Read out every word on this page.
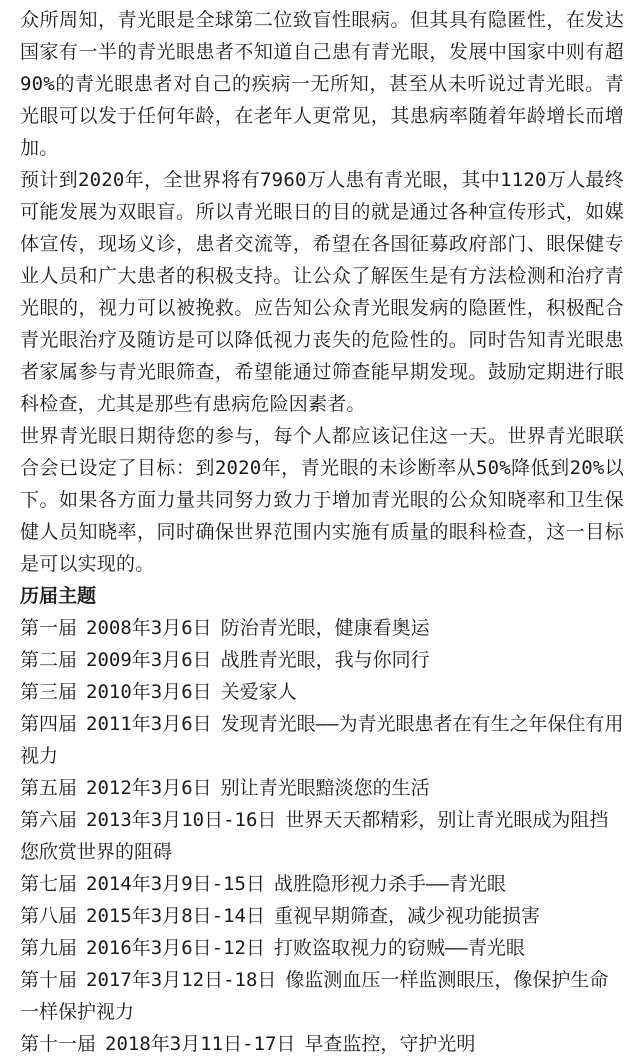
众所周知，青光眼是全球第二位致盲性眼病。但其具有隐匿性，在发达国家有一半的青光眼患者不知道自己患有青光眼，发展中国家中则有超90%的青光眼患者对自己的疾病一无所知，甚至从未听说过青光眼。青光眼可以发于任何年龄，在老年人更常见，其患病率随着年龄增长而增加。

预计到2020年，全世界将有7960万人患有青光眼，其中1120万人最终可能发展为双眼盲。所以青光眼日的目的就是通过各种宣传形式，如媒体宣传，现场义诊，患者交流等，希望在各国征募政府部门、眼保健专业人员和广大患者的积极支持。让公众了解医生是有方法检测和治疗青光眼的，视力可以被挽救。应告知公众青光眼发病的隐匿性，积极配合青光眼治疗及随访是可以降低视力丧失的危险性的。同时告知青光眼患者家属参与青光眼筛查，希望能通过筛查能早期发现。鼓励定期进行眼科检查，尤其是那些有患病危险因素者。

世界青光眼日期待您的参与，每个人都应该记住这一天。世界青光眼联合会已设定了目标：到2020年，青光眼的未诊断率从50%降低到20%以下。如果各方面力量共同努力致力于增加青光眼的公众知晓率和卫生保健人员知晓率，同时确保世界范围内实施有质量的眼科检查，这一目标是可以实现的。

历届主题

第一届 2008年3月6日 防治青光眼，健康看奥运

第二届 2009年3月6日 战胜青光眼，我与你同行

第三届 2010年3月6日 关爱家人

第四届 2011年3月6日 发现青光眼——为青光眼患者在有生之年保住有用视力

第五届 2012年3月6日 别让青光眼黯淡您的生活

第六届 2013年3月10日-16日 世界天天都精彩，别让青光眼成为阻挡您欣赏世界的阻碍

第七届 2014年3月9日-15日 战胜隐形视力杀手——青光眼

第八届 2015年3月8日-14日 重视早期筛查，减少视功能损害

第九届 2016年3月6日-12日 打败盗取视力的窃贼——青光眼

第十届 2017年3月12日-18日 像监测血压一样监测眼压，像保护生命一样保护视力

第十一届 2018年3月11日-17日 早查监控，守护光明
